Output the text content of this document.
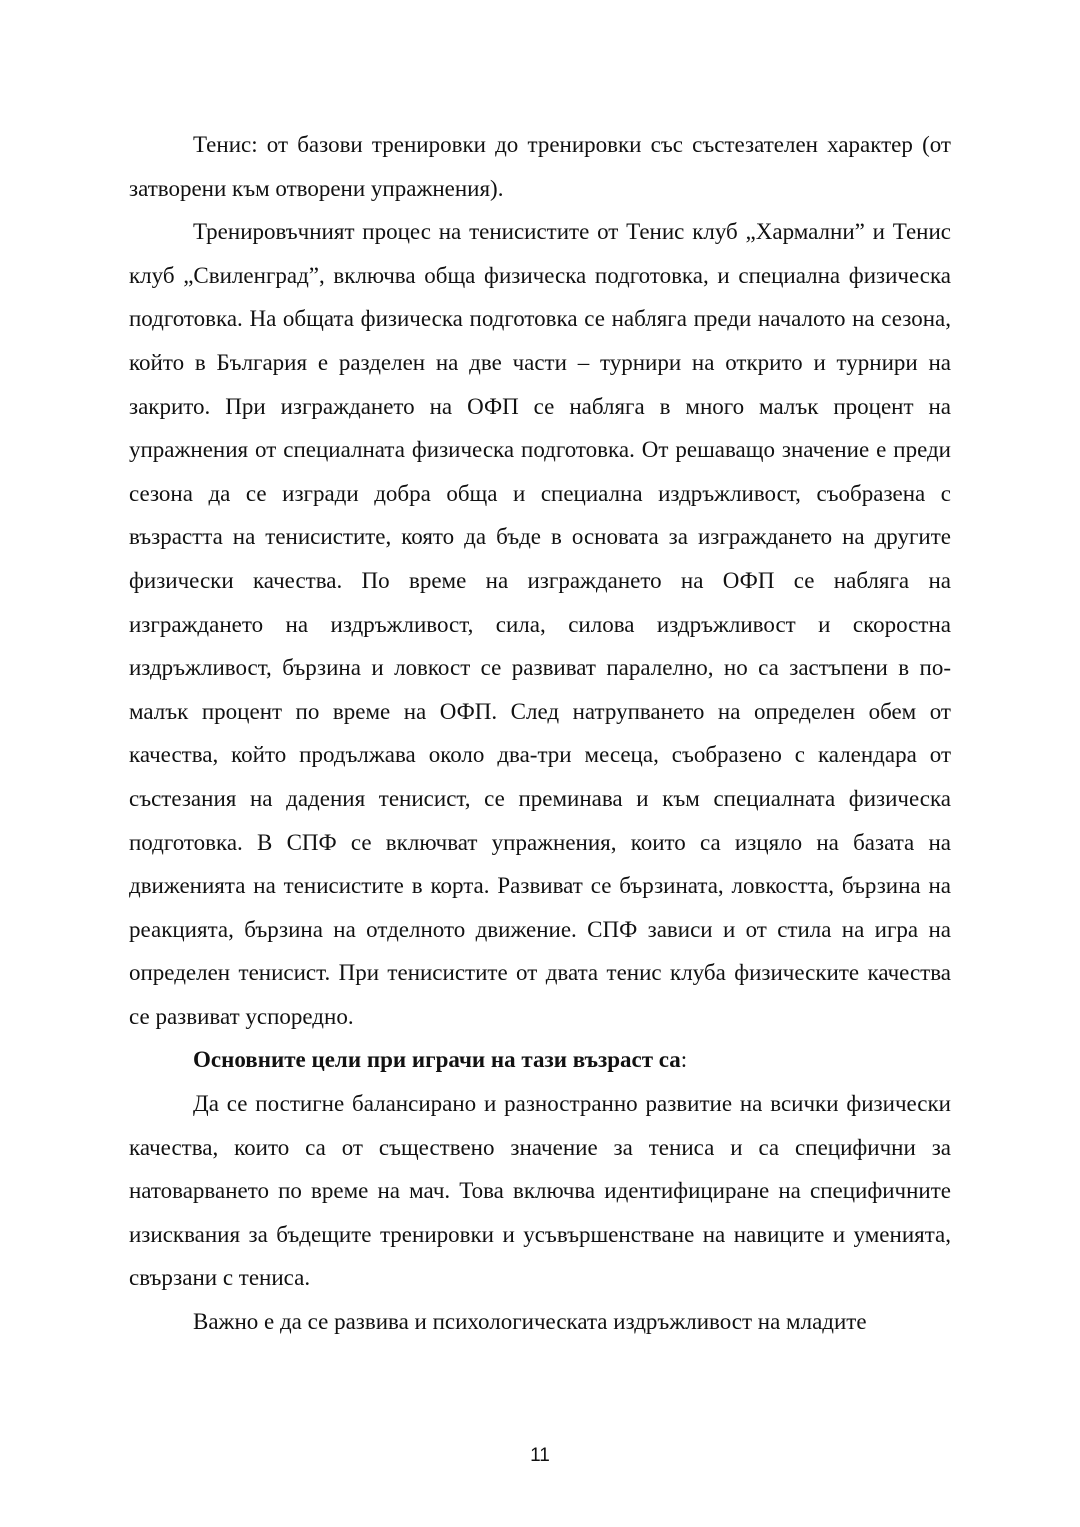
Тенис: от базови тренировки до тренировки със състезателен характер (от затворени към отворени упражнения).

Тренировъчният процес на тенисистите от Тенис клуб „Хармални” и Тенис клуб „Свиленград”, включва обща физическа подготовка, и специална физическа подготовка. На общата физическа подготовка се набляга преди началото на сезона, който в България е разделен на две части – турнири на открито и турнири на закрито. При изграждането на ОФП се набляга в много малък процент на упражнения от специалната физическа подготовка. От решаващо значение е преди сезона да се изгради добра обща и специална издръжливост, съобразена с възрастта на тенисистите, която да бъде в основата за изграждането на другите физически качества. По време на изграждането на ОФП се набляга на изграждането на издръжливост, сила, силова издръжливост и скоростна издръжливост, бързина и ловкост се развиват паралелно, но са застъпени в по-малък процент по време на ОФП. След натрупването на определен обем от качества, който продължава около два-три месеца, съобразено с календара от състезания на дадения тенисист, се преминава и към специалната физическа подготовка. В СПФ се включват упражнения, които са изцяло на базата на движенията на тенисистите в корта. Развиват се бързината, ловкостта, бързина на реакцията, бързина на отделното движение. СПФ зависи и от стила на игра на определен тенисист. При тенисистите от двата тенис клуба физическите качества се развиват успоредно.

Основните цели при играчи на тази възраст са:

Да се постигне балансирано и разностранно развитие на всички физически качества, които са от съществено значение за тениса и са специфични за натоварването по време на мач. Това включва идентифициране на специфичните изисквания за бъдещите тренировки и усъвършенстване на навиците и уменията, свързани с тениса.

Важно е да се развива и психологическата издръжливост на младите

11
